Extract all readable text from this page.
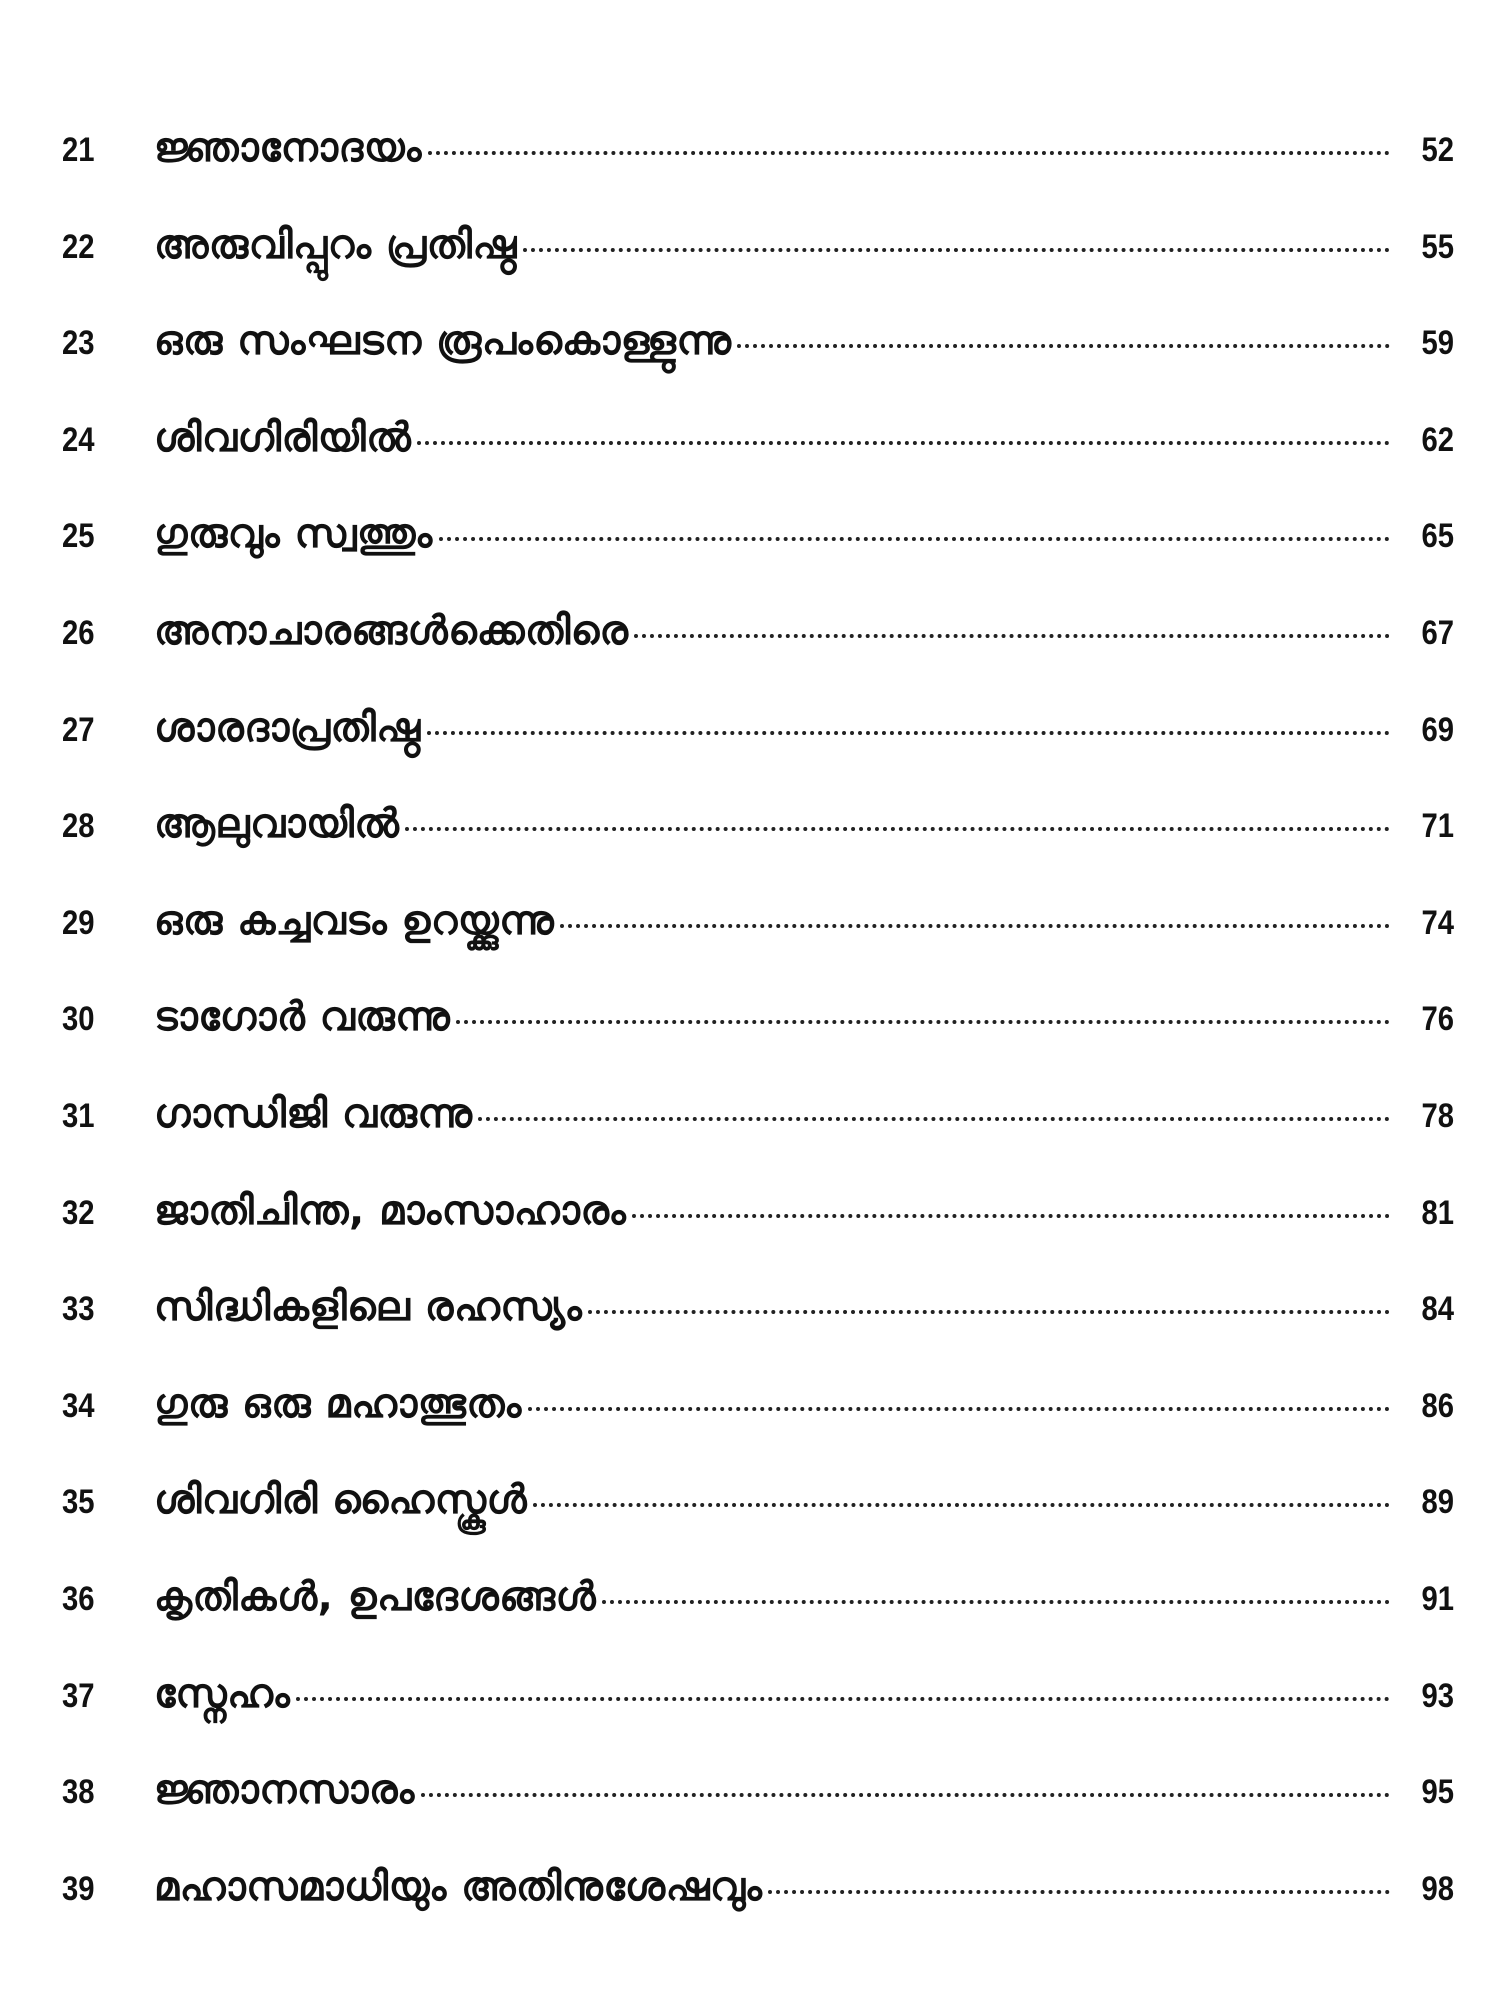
21	ജ്ഞാനോദയം	52
22	അരുവിപ്പുറം പ്രതിഷ്ഠ	55
23	ഒരു സംഘടന രൂപംകൊള്ളുന്നു	59
24	ശിവഗിരിയിൽ	62
25	ഗുരുവും സ്വത്തും	65
26	അനാചാരങ്ങൾക്കെതിരെ	67
27	ശാരദാപ്രതിഷ്ഠ	69
28	ആലുവായിൽ	71
29	ഒരു കച്ചവടം ഉറയ്ക്കുന്നു	74
30	ടാഗോർ വരുന്നു	76
31	ഗാന്ധിജി വരുന്നു	78
32	ജാതിചിന്ത, മാംസാഹാരം	81
33	സിദ്ധികളിലെ രഹസ്യം	84
34	ഗുരു ഒരു മഹാത്ഭുതം	86
35	ശിവഗിരി ഹൈസ്കൂൾ	89
36	കൃതികൾ, ഉപദേശങ്ങൾ	91
37	സ്നേഹം	93
38	ജ്ഞാനസാരം	95
39	മഹാസമാധിയും അതിനുശേഷവും	98
